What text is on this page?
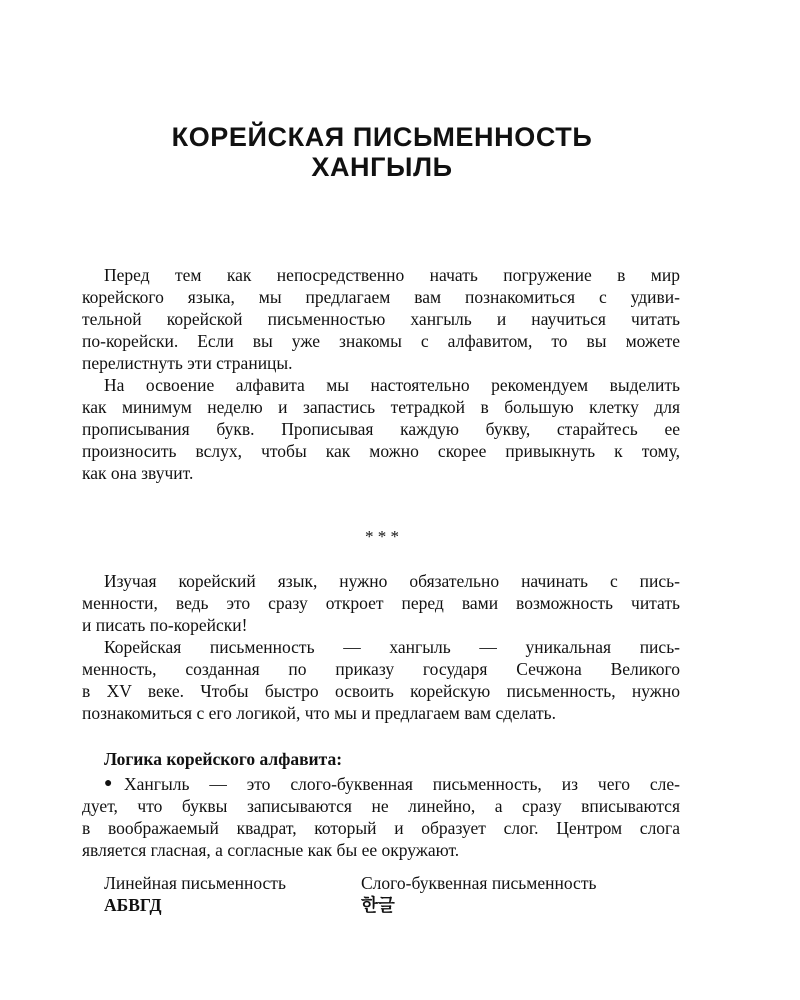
КОРЕЙСКАЯ ПИСЬМЕННОСТЬ
ХАНГЫЛЬ
Перед тем как непосредственно начать погружение в мир
корейского языка, мы предлагаем вам познакомиться с удиви-
тельной корейской письменностью хангыль и научиться читать
по-корейски. Если вы уже знакомы с алфавитом, то вы можете
перелистнуть эти страницы.
На освоение алфавита мы настоятельно рекомендуем выделить
как минимум неделю и запастись тетрадкой в большую клетку для
прописывания букв. Прописывая каждую букву, старайтесь ее
произносить вслух, чтобы как можно скорее привыкнуть к тому,
как она звучит.
* * *
Изучая корейский язык, нужно обязательно начинать с пись-
менности, ведь это сразу откроет перед вами возможность читать
и писать по-корейски!
Корейская письменность — хангыль — уникальная пись-
менность, созданная по приказу государя Сечжона Великого
в XV веке. Чтобы быстро освоить корейскую письменность, нужно
познакомиться с его логикой, что мы и предлагаем вам сделать.
Логика корейского алфавита:
● Хангыль — это слого-буквенная письменность, из чего сле-
дует, что буквы записываются не линейно, а сразу вписываются
в воображаемый квадрат, который и образует слог. Центром слога
является гласная, а согласные как бы ее окружают.
Линейная письменность
АБВГД
Слого-буквенная письменность
한글
